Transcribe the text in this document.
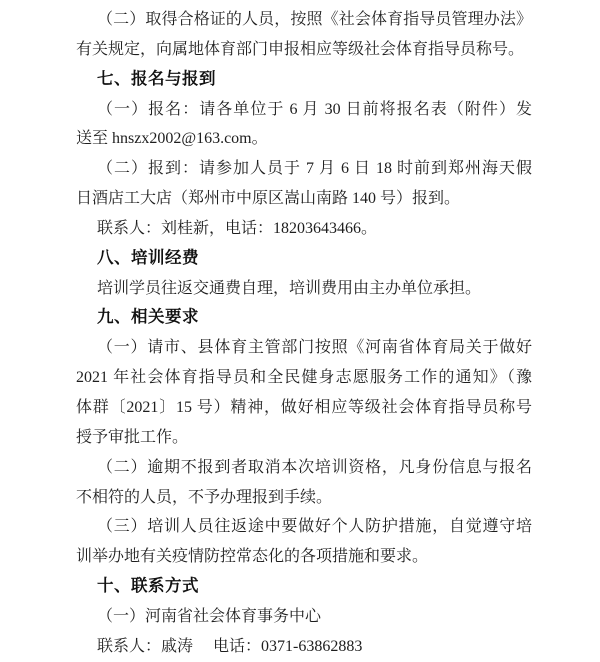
（二）取得合格证的人员，按照《社会体育指导员管理办法》
有关规定，向属地体育部门申报相应等级社会体育指导员称号。
七、报名与报到
（一）报名：请各单位于 6 月 30 日前将报名表（附件）发
送至 hnszx2002@163.com。
（二）报到：请参加人员于 7 月 6 日 18 时前到郑州海天假
日酒店工大店（郑州市中原区嵩山南路 140 号）报到。
联系人：刘桂新，电话：18203643466。
八、培训经费
培训学员往返交通费自理，培训费用由主办单位承担。
九、相关要求
（一）请市、县体育主管部门按照《河南省体育局关于做好
2021 年社会体育指导员和全民健身志愿服务工作的通知》（豫
体群〔2021〕15 号）精神，做好相应等级社会体育指导员称号
授予审批工作。
（二）逾期不报到者取消本次培训资格，凡身份信息与报名
不相符的人员，不予办理报到手续。
（三）培训人员往返途中要做好个人防护措施，自觉遵守培
训举办地有关疫情防控常态化的各项措施和要求。
十、联系方式
（一）河南省社会体育事务中心
联系人：戚涛　 电话：0371-63862883
